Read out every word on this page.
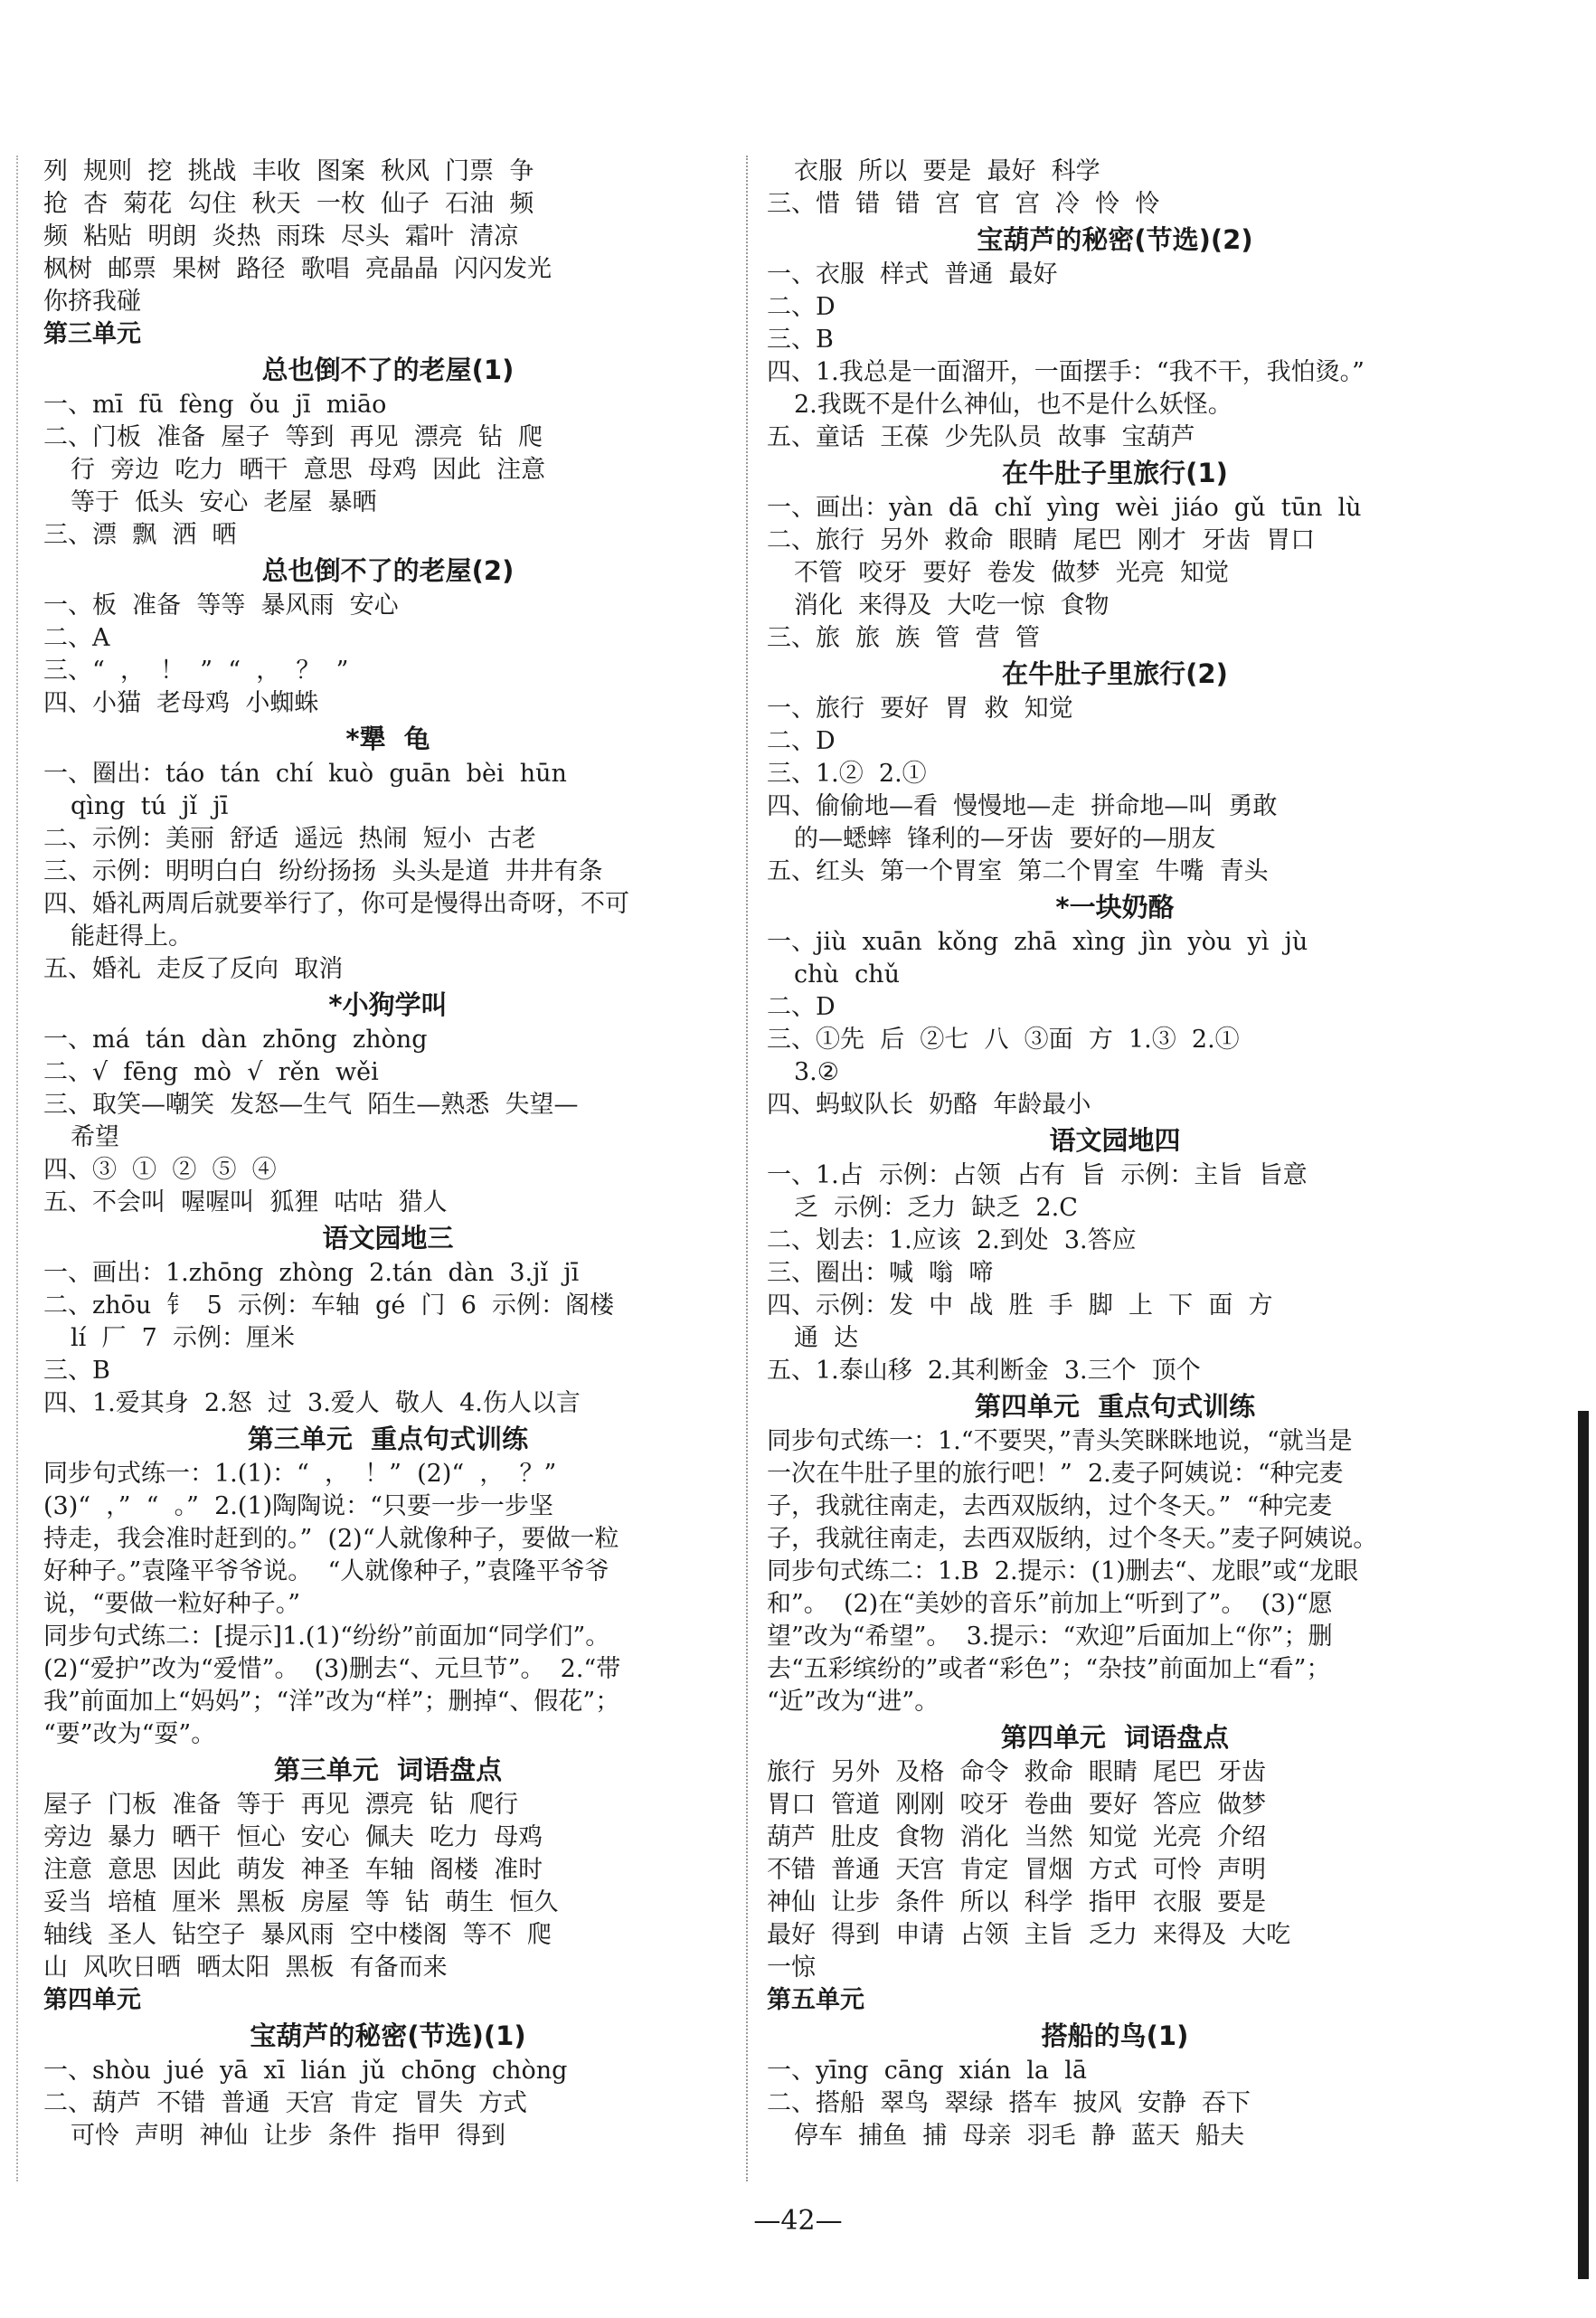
列  规则  挖  挑战  丰收  图案  秋风  门票  争
抢  杏  菊花  勾住  秋天  一枚  仙子  石油  频
频  粘贴  明朗  炎热  雨珠  尽头  霜叶  清凉
枫树  邮票  果树  路径  歌唱  亮晶晶  闪闪发光
你挤我碰
第三单元
总也倒不了的老屋(1)
一、mī  fū  fèng  ǒu  jī  miāo
二、门板  准备  屋子  等到  再见  漂亮  钻  爬
行  旁边  吃力  晒干  意思  母鸡  因此  注意
等于  低头  安心  老屋  暴晒
三、漂  飘  洒  晒
总也倒不了的老屋(2)
一、板  准备  等等  暴风雨  安心
二、A
三、“  ，  ！  ”  “  ，  ？  ”
四、小猫  老母鸡  小蜘蛛
*犟  龟
一、圈出：táo  tán  chí  kuò  guān  bèi  hūn
qìng  tú  jǐ  jī
二、示例：美丽  舒适  遥远  热闹  短小  古老
三、示例：明明白白  纷纷扬扬  头头是道  井井有条
四、婚礼两周后就要举行了，你可是慢得出奇呀，不可
能赶得上。
五、婚礼  走反了反向  取消
*小狗学叫
一、má  tán  dàn  zhōng  zhòng
二、√  fēng  mò  √  rěn  wěi
三、取笑—嘲笑  发怒—生气  陌生—熟悉  失望—
希望
四、③  ①  ②  ⑤  ④
五、不会叫  喔喔叫  狐狸  咕咕  猎人
语文园地三
一、画出：1.zhōng  zhòng  2.tán  dàn  3.jǐ  jī
二、zhōu  钅  5  示例：车轴  gé  门  6  示例：阁楼
lí  厂  7  示例：厘米
三、B
四、1.爱其身  2.怒  过  3.爱人  敬人  4.伤人以言
第三单元  重点句式训练
同步句式练一：1.(1)：“  ，  ！”  (2)“  ，  ？”
(3)“  ，”  “  。”  2.(1)陶陶说：“只要一步一步坚
持走，我会准时赶到的。”  (2)“人就像种子，要做一粒
好种子。”袁隆平爷爷说。  “人就像种子，”袁隆平爷爷
说，“要做一粒好种子。”
同步句式练二：[提示]1.(1)“纷纷”前面加“同学们”。
(2)“爱护”改为“爱惜”。  (3)删去“、元旦节”。  2.“带
我”前面加上“妈妈”；“洋”改为“样”；删掉“、假花”；
“要”改为“耍”。
第三单元  词语盘点
屋子  门板  准备  等于  再见  漂亮  钻  爬行
旁边  暴力  晒干  恒心  安心  佩夫  吃力  母鸡
注意  意思  因此  萌发  神圣  车轴  阁楼  准时
妥当  培植  厘米  黑板  房屋  等  钻  萌生  恒久
轴线  圣人  钻空子  暴风雨  空中楼阁  等不  爬
山  风吹日晒  晒太阳  黑板  有备而来
第四单元
宝葫芦的秘密(节选)(1)
一、shòu  jué  yā  xī  lián  jǔ  chōng  chòng
二、葫芦  不错  普通  天宫  肯定  冒失  方式
可怜  声明  神仙  让步  条件  指甲  得到
衣服  所以  要是  最好  科学
三、惜  错  错  宫  官  宫  冷  怜  怜
宝葫芦的秘密(节选)(2)
一、衣服  样式  普通  最好
二、D
三、B
四、1.我总是一面溜开，一面摆手：“我不干，我怕烫。”
2.我既不是什么神仙，也不是什么妖怪。
五、童话  王葆  少先队员  故事  宝葫芦
在牛肚子里旅行(1)
一、画出：yàn  dā  chǐ  yìng  wèi  jiáo  gǔ  tūn  lù
二、旅行  另外  救命  眼睛  尾巴  刚才  牙齿  胃口
不管  咬牙  要好  卷发  做梦  光亮  知觉
消化  来得及  大吃一惊  食物
三、旅  旅  族  管  营  管
在牛肚子里旅行(2)
一、旅行  要好  胃  救  知觉
二、D
三、1.②  2.①
四、偷偷地—看  慢慢地—走  拼命地—叫  勇敢
的—蟋蟀  锋利的—牙齿  要好的—朋友
五、红头  第一个胃室  第二个胃室  牛嘴  青头
*一块奶酪
一、jiù  xuān  kǒng  zhā  xìng  jìn  yòu  yì  jù
chù  chǔ
二、D
三、①先  后  ②七  八  ③面  方  1.③  2.①
3.②
四、蚂蚁队长  奶酪  年龄最小
语文园地四
一、1.占  示例：占领  占有  旨  示例：主旨  旨意
乏  示例：乏力  缺乏  2.C
二、划去：1.应该  2.到处  3.答应
三、圈出：喊  嗡  啼
四、示例：发  中  战  胜  手  脚  上  下  面  方
通  达
五、1.泰山移  2.其利断金  3.三个  顶个
第四单元  重点句式训练
同步句式练一：1.“不要哭，”青头笑眯眯地说，“就当是
一次在牛肚子里的旅行吧！”  2.麦子阿姨说：“种完麦
子，我就往南走，去西双版纳，过个冬天。”  “种完麦
子，我就往南走，去西双版纳，过个冬天。”麦子阿姨说。
同步句式练二：1.B  2.提示：(1)删去“、龙眼”或“龙眼
和”。  (2)在“美妙的音乐”前加上“听到了”。  (3)“愿
望”改为“希望”。  3.提示：“欢迎”后面加上“你”；删
去“五彩缤纷的”或者“彩色”；“杂技”前面加上“看”；
“近”改为“进”。
第四单元  词语盘点
旅行  另外  及格  命令  救命  眼睛  尾巴  牙齿
胃口  管道  刚刚  咬牙  卷曲  要好  答应  做梦
葫芦  肚皮  食物  消化  当然  知觉  光亮  介绍
不错  普通  天宫  肯定  冒烟  方式  可怜  声明
神仙  让步  条件  所以  科学  指甲  衣服  要是
最好  得到  申请  占领  主旨  乏力  来得及  大吃
一惊
第五单元
搭船的鸟(1)
一、yīng  cāng  xián  la  lā
二、搭船  翠鸟  翠绿  搭车  披风  安静  吞下
停车  捕鱼  捕  母亲  羽毛  静  蓝天  船夫
—42—
